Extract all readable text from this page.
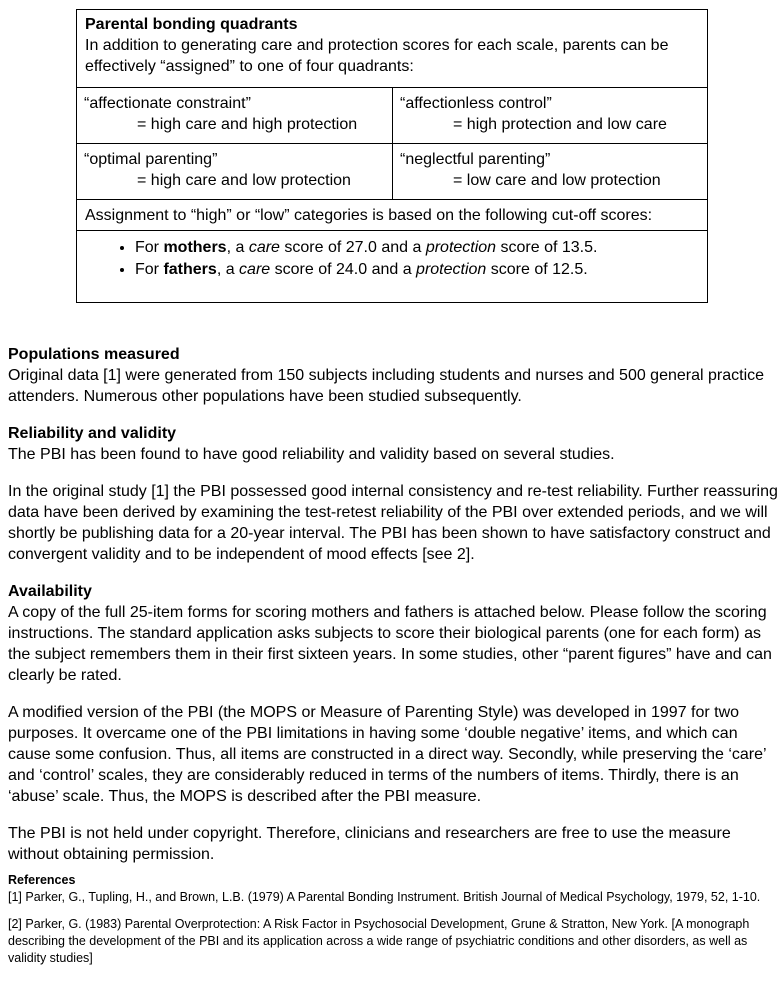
Parental bonding quadrants
In addition to generating care and protection scores for each scale, parents can be effectively “assigned” to one of four quadrants:
“affectionate constraint”
= high care and high protection
“affectionless control”
= high protection and low care
“optimal parenting”
= high care and low protection
“neglectful parenting”
= low care and low protection
Assignment to “high” or “low” categories is based on the following cut-off scores:
• For mothers, a care score of 27.0 and a protection score of 13.5.
• For fathers, a care score of 24.0 and a protection score of 12.5.
Populations measured

Original data [1] were generated from 150 subjects including students and nurses and 500 general practice attenders. Numerous other populations have been studied subsequently.

Reliability and validity

The PBI has been found to have good reliability and validity based on several studies.

In the original study [1] the PBI possessed good internal consistency and re-test reliability. Further reassuring data have been derived by examining the test-retest reliability of the PBI over extended periods, and we will shortly be publishing data for a 20-year interval. The PBI has been shown to have satisfactory construct and convergent validity and to be independent of mood effects [see 2].

Availability

A copy of the full 25-item forms for scoring mothers and fathers is attached below. Please follow the scoring instructions. The standard application asks subjects to score their biological parents (one for each form) as the subject remembers them in their first sixteen years. In some studies, other “parent figures” have and can clearly be rated.

A modified version of the PBI (the MOPS or Measure of Parenting Style) was developed in 1997 for two purposes. It overcame one of the PBI limitations in having some ‘double negative’ items, and which can cause some confusion. Thus, all items are constructed in a direct way. Secondly, while preserving the ‘care’ and ‘control’ scales, they are considerably reduced in terms of the numbers of items. Thirdly, there is an ‘abuse’ scale. Thus, the MOPS is described after the PBI measure.

The PBI is not held under copyright. Therefore, clinicians and researchers are free to use the measure without obtaining permission.

References

[1] Parker, G., Tupling, H., and Brown, L.B. (1979) A Parental Bonding Instrument. British Journal of Medical Psychology, 1979, 52, 1-10.

[2] Parker, G. (1983) Parental Overprotection: A Risk Factor in Psychosocial Development, Grune & Stratton, New York. [A monograph describing the development of the PBI and its application across a wide range of psychiatric conditions and other disorders, as well as validity studies]
